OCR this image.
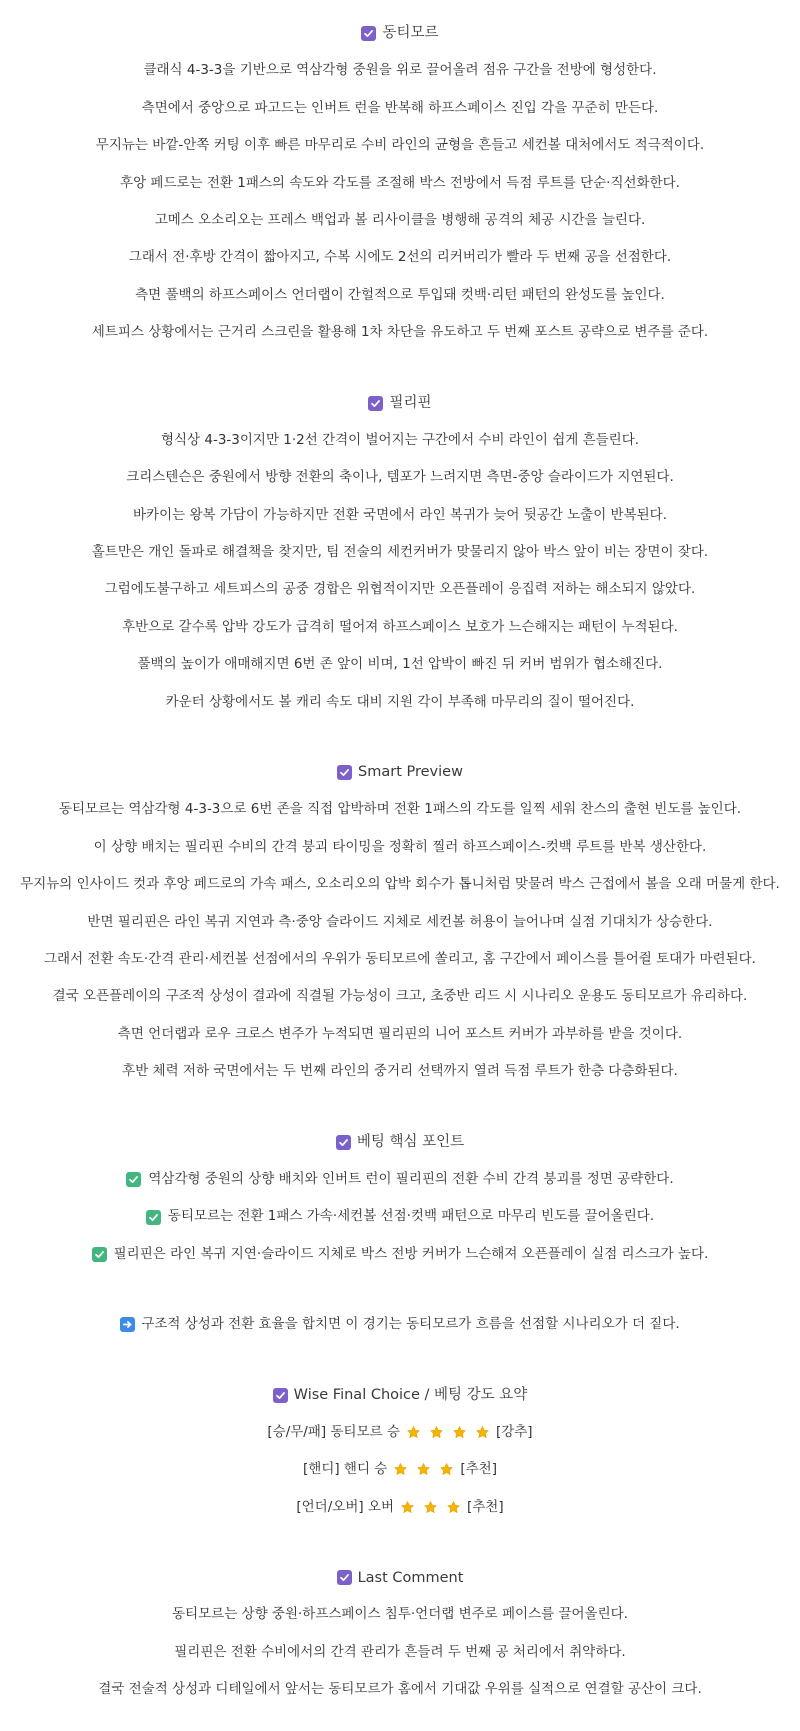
동티모르
클래식 4-3-3을 기반으로 역삼각형 중원을 위로 끌어올려 점유 구간을 전방에 형성한다.
측면에서 중앙으로 파고드는 인버트 런을 반복해 하프스페이스 진입 각을 꾸준히 만든다.
무지뉴는 바깥-안쪽 커팅 이후 빠른 마무리로 수비 라인의 균형을 흔들고 세컨볼 대처에서도 적극적이다.
후앙 페드로는 전환 1패스의 속도와 각도를 조절해 박스 전방에서 득점 루트를 단순·직선화한다.
고메스 오소리오는 프레스 백업과 볼 리사이클을 병행해 공격의 체공 시간을 늘린다.
그래서 전·후방 간격이 짧아지고, 수복 시에도 2선의 리커버리가 빨라 두 번째 공을 선점한다.
측면 풀백의 하프스페이스 언더랩이 간헐적으로 투입돼 컷백·리턴 패턴의 완성도를 높인다.
세트피스 상황에서는 근거리 스크린을 활용해 1차 차단을 유도하고 두 번째 포스트 공략으로 변주를 준다.
필리핀
형식상 4-3-3이지만 1·2선 간격이 벌어지는 구간에서 수비 라인이 쉽게 흔들린다.
크리스텐슨은 중원에서 방향 전환의 축이나, 템포가 느려지면 측면-중앙 슬라이드가 지연된다.
바카이는 왕복 가담이 가능하지만 전환 국면에서 라인 복귀가 늦어 뒷공간 노출이 반복된다.
홀트만은 개인 돌파로 해결책을 찾지만, 팀 전술의 세컨커버가 맞물리지 않아 박스 앞이 비는 장면이 잦다.
그럼에도불구하고 세트피스의 공중 경합은 위협적이지만 오픈플레이 응집력 저하는 해소되지 않았다.
후반으로 갈수록 압박 강도가 급격히 떨어져 하프스페이스 보호가 느슨해지는 패턴이 누적된다.
풀백의 높이가 애매해지면 6번 존 앞이 비며, 1선 압박이 빠진 뒤 커버 범위가 협소해진다.
카운터 상황에서도 볼 캐리 속도 대비 지원 각이 부족해 마무리의 질이 떨어진다.
Smart Preview
동티모르는 역삼각형 4-3-3으로 6번 존을 직접 압박하며 전환 1패스의 각도를 일찍 세워 찬스의 출현 빈도를 높인다.
이 상향 배치는 필리핀 수비의 간격 붕괴 타이밍을 정확히 찔러 하프스페이스-컷백 루트를 반복 생산한다.
무지뉴의 인사이드 컷과 후앙 페드로의 가속 패스, 오소리오의 압박 회수가 톱니처럼 맞물려 박스 근접에서 볼을 오래 머물게 한다.
반면 필리핀은 라인 복귀 지연과 측·중앙 슬라이드 지체로 세컨볼 허용이 늘어나며 실점 기대치가 상승한다.
그래서 전환 속도·간격 관리·세컨볼 선점에서의 우위가 동티모르에 쏠리고, 홈 구간에서 페이스를 틀어쥘 토대가 마련된다.
결국 오픈플레이의 구조적 상성이 결과에 직결될 가능성이 크고, 초중반 리드 시 시나리오 운용도 동티모르가 유리하다.
측면 언더랩과 로우 크로스 변주가 누적되면 필리핀의 니어 포스트 커버가 과부하를 받을 것이다.
후반 체력 저하 국면에서는 두 번째 라인의 중거리 선택까지 열려 득점 루트가 한층 다층화된다.
베팅 핵심 포인트
역삼각형 중원의 상향 배치와 인버트 런이 필리핀의 전환 수비 간격 붕괴를 정면 공략한다.
동티모르는 전환 1패스 가속·세컨볼 선점·컷백 패턴으로 마무리 빈도를 끌어올린다.
필리핀은 라인 복귀 지연·슬라이드 지체로 박스 전방 커버가 느슨해져 오픈플레이 실점 리스크가 높다.
구조적 상성과 전환 효율을 합치면 이 경기는 동티모르가 흐름을 선점할 시나리오가 더 짙다.
Wise Final Choice / 베팅 강도 요약
[승/무/패] 동티모르 승	[강추]
[핸디] 핸디 승	[추천]
[언더/오버] 오버	[추천]
Last Comment
동티모르는 상향 중원·하프스페이스 침투·언더랩 변주로 페이스를 끌어올린다.
필리핀은 전환 수비에서의 간격 관리가 흔들려 두 번째 공 처리에서 취약하다.
결국 전술적 상성과 디테일에서 앞서는 동티모르가 홈에서 기대값 우위를 실적으로 연결할 공산이 크다.
